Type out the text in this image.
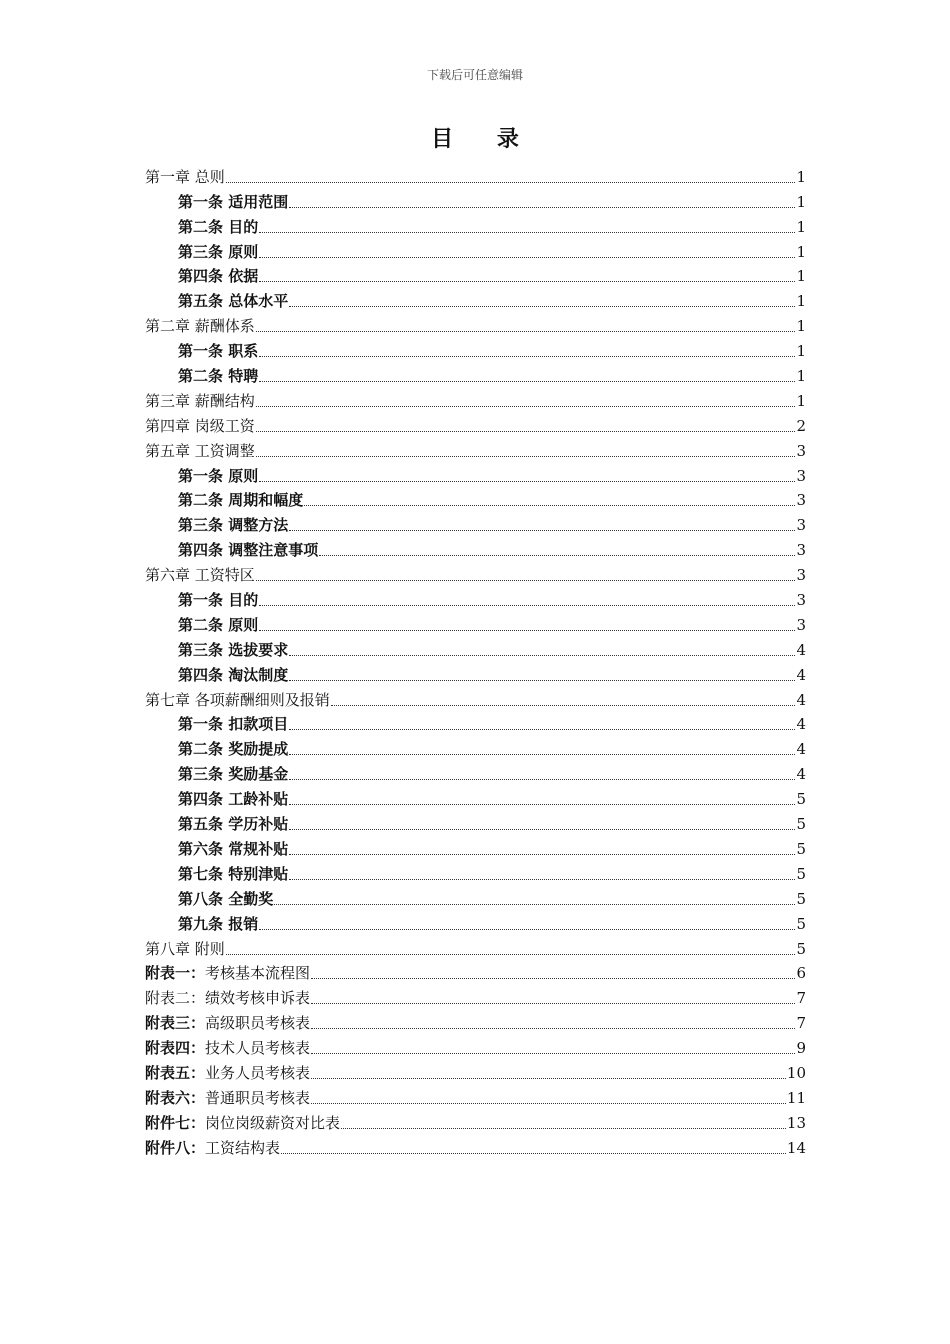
下载后可任意编辑
目 录
第一章 总则	1
第一条 适用范围	1
第二条 目的	1
第三条 原则	1
第四条 依据	1
第五条 总体水平	1
第二章 薪酬体系	1
第一条 职系	1
第二条 特聘	1
第三章 薪酬结构	1
第四章 岗级工资	2
第五章 工资调整	3
第一条 原则	3
第二条 周期和幅度	3
第三条 调整方法	3
第四条 调整注意事项	3
第六章 工资特区	3
第一条 目的	3
第二条 原则	3
第三条 选拔要求	4
第四条 淘汰制度	4
第七章 各项薪酬细则及报销	4
第一条 扣款项目	4
第二条 奖励提成	4
第三条 奖励基金	4
第四条 工龄补贴	5
第五条 学历补贴	5
第六条 常规补贴	5
第七条 特别津贴	5
第八条 全勤奖	5
第九条 报销	5
第八章 附则	5
附表一：考核基本流程图	6
附表二：绩效考核申诉表	7
附表三：高级职员考核表	7
附表四：技术人员考核表	9
附表五：业务人员考核表	10
附表六：普通职员考核表	11
附件七：岗位岗级薪资对比表	13
附件八：工资结构表	14
